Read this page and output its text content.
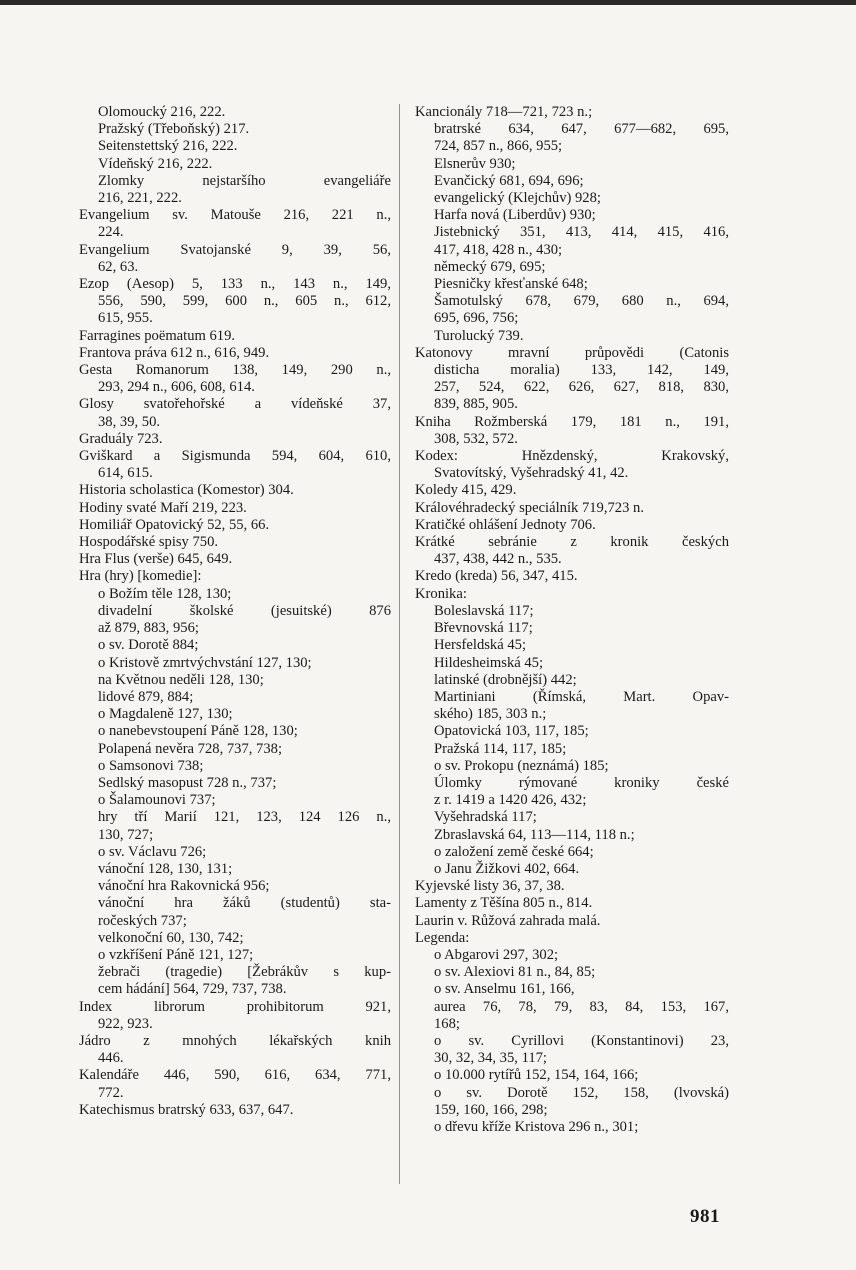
Olomoucký 216, 222.
Pražský (Třeboňský) 217.
Seitenstettský 216, 222.
Vídeňský 216, 222.
Zlomky nejstaršího evangeliáře
216, 221, 222.
Evangelium sv. Matouše 216, 221 n.,
224.
Evangelium Svatojanské 9, 39, 56,
62, 63.
Ezop (Aesop) 5, 133 n., 143 n., 149,
556, 590, 599, 600 n., 605 n., 612,
615, 955.
Farragines poëmatum 619.
Frantova práva 612 n., 616, 949.
Gesta Romanorum 138, 149, 290 n.,
293, 294 n., 606, 608, 614.
Glosy svatořehořské a vídeňské 37,
38, 39, 50.
Graduály 723.
Gviškard a Sigismunda 594, 604, 610,
614, 615.
Historia scholastica (Komestor) 304.
Hodiny svaté Maří 219, 223.
Homiliář Opatovický 52, 55, 66.
Hospodářské spisy 750.
Hra Flus (verše) 645, 649.
Hra (hry) [komedie]:
o Božím těle 128, 130;
divadelní školské (jesuitské) 876
až 879, 883, 956;
o sv. Dorotě 884;
o Kristově zmrtvýchvstání 127, 130;
na Květnou neděli 128, 130;
lidové 879, 884;
o Magdaleně 127, 130;
o nanebevstoupení Páně 128, 130;
Polapená nevěra 728, 737, 738;
o Samsonovi 738;
Sedlský masopust 728 n., 737;
o Šalamounovi 737;
hry tří Marií 121, 123, 124 126 n.,
130, 727;
o sv. Václavu 726;
vánoční 128, 130, 131;
vánoční hra Rakovnická 956;
vánoční hra žáků (studentů) sta-
ročeských 737;
velkonoční 60, 130, 742;
o vzkříšení Páně 121, 127;
žebrači (tragedie) [Žebrákův s kup-
cem hádání] 564, 729, 737, 738.
Index librorum prohibitorum 921,
922, 923.
Jádro z mnohých lékařských knih
446.
Kalendáře 446, 590, 616, 634, 771,
772.
Katechismus bratrský 633, 637, 647.
Kancionály 718—721, 723 n.;
bratrské 634, 647, 677—682, 695,
724, 857 n., 866, 955;
Elsnerův 930;
Evančický 681, 694, 696;
evangelický (Klejchův) 928;
Harfa nová (Liberdův) 930;
Jistebnický 351, 413, 414, 415, 416,
417, 418, 428 n., 430;
německý 679, 695;
Piesničky křesťanské 648;
Šamotulský 678, 679, 680 n., 694,
695, 696, 756;
Turolucký 739.
Katonovy mravní průpovědi (Catonis
disticha moralia) 133, 142, 149,
257, 524, 622, 626, 627, 818, 830,
839, 885, 905.
Kniha Rožmberská 179, 181 n., 191,
308, 532, 572.
Kodex: Hnězdenský, Krakovský,
Svatovítský, Vyšehradský 41, 42.
Koledy 415, 429.
Královéhradecký speciálník 719,723 n.
Kratičké ohlášení Jednoty 706.
Krátké sebránie z kronik českých
437, 438, 442 n., 535.
Kredo (kreda) 56, 347, 415.
Kronika:
Boleslavská 117;
Břevnovská 117;
Hersfeldská 45;
Hildesheimská 45;
latinské (drobnější) 442;
Martiniani (Římská, Mart. Opav-
ského) 185, 303 n.;
Opatovická 103, 117, 185;
Pražská 114, 117, 185;
o sv. Prokopu (neznámá) 185;
Úlomky rýmované kroniky české
z r. 1419 a 1420 426, 432;
Vyšehradská 117;
Zbraslavská 64, 113—114, 118 n.;
o založení země české 664;
o Janu Žižkovi 402, 664.
Kyjevské listy 36, 37, 38.
Lamenty z Těšína 805 n., 814.
Laurin v. Růžová zahrada malá.
Legenda:
o Abgarovi 297, 302;
o sv. Alexiovi 81 n., 84, 85;
o sv. Anselmu 161, 166,
aurea 76, 78, 79, 83, 84, 153, 167,
168;
o sv. Cyrillovi (Konstantinovi) 23,
30, 32, 34, 35, 117;
o 10.000 rytířů 152, 154, 164, 166;
o sv. Dorotě 152, 158, (lvovská)
159, 160, 166, 298;
o dřevu kříže Kristova 296 n., 301;
981
